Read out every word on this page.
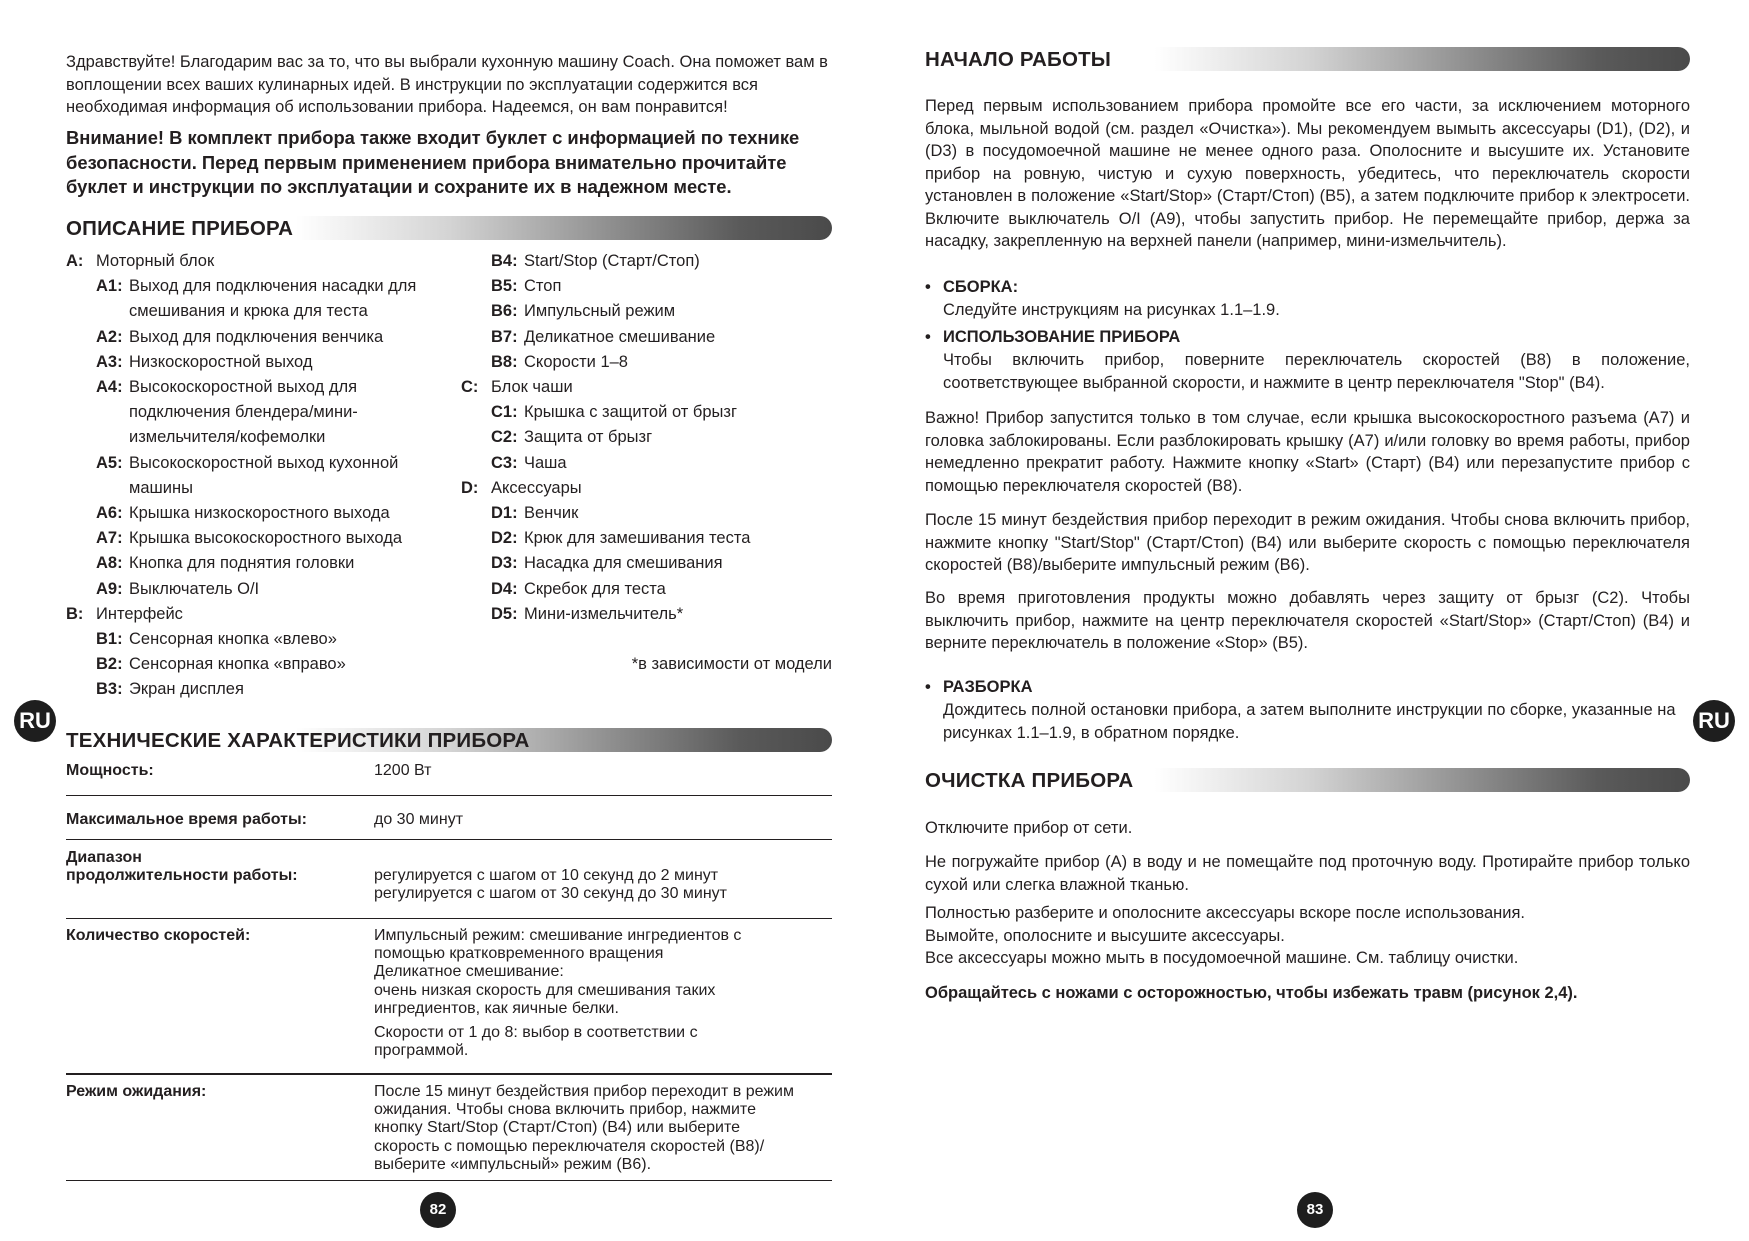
Здравствуйте! Благодарим вас за то, что вы выбрали кухонную машину Coach. Она поможет вам в воплощении всех ваших кулинарных идей. В инструкции по эксплуатации содержится вся необходимая информация об использовании прибора. Надеемся, он вам понравится!

Внимание! В комплект прибора также входит буклет с информацией по технике безопасности. Перед первым применением прибора внимательно прочитайте буклет и инструкции по эксплуатации и сохраните их в надежном месте.

ОПИСАНИЕ ПРИБОРА
A: Моторный блок
A1: Выход для подключения насадки для
смешивания и крюка для теста
A2: Выход для подключения венчика
A3: Низкоскоростной выход
A4: Высокоскоростной выход для
подключения блендера/мини-
измельчителя/кофемолки
A5: Высокоскоростной выход кухонной
машины
A6: Крышка низкоскоростного выхода
A7: Крышка высокоскоростного выхода
A8: Кнопка для поднятия головки
A9: Выключатель O/I
B: Интерфейс
B1: Сенсорная кнопка «влево»
B2: Сенсорная кнопка «вправо»
B3: Экран дисплея
B4: Start/Stop (Старт/Стоп)
B5: Стоп
B6: Импульсный режим
B7: Деликатное смешивание
B8: Скорости 1–8
C: Блок чаши
C1: Крышка с защитой от брызг
C2: Защита от брызг
C3: Чаша
D: Аксессуары
D1: Венчик
D2: Крюк для замешивания теста
D3: Насадка для смешивания
D4: Скребок для теста
D5: Мини-измельчитель*
*в зависимости от модели
RU
ТЕХНИЧЕСКИЕ ХАРАКТЕРИСТИКИ ПРИБОРА
Мощность:	1200 Вт
Максимальное время работы:	до 30 минут
Диапазон
продолжительности работы:	регулируется с шагом от 10 секунд до 2 минут

регулируется с шагом от 30 секунд до 30 минут

Количество скоростей:	Импульсный режим: смешивание ингредиентов с помощью кратковременного вращения

Деликатное смешивание:

очень низкая скорость для смешивания таких ингредиентов, как яичные белки.

Скорости от 1 до 8: выбор в соответствии с программой.

Режим ожидания:	После 15 минут бездействия прибор переходит в режим ожидания. Чтобы снова включить прибор, нажмите кнопку Start/Stop (Старт/Стоп) (B4) или выберите скорость с помощью переключателя скоростей (B8)/выберите «импульсный» режим (B6).
82
НАЧАЛО РАБОТЫ

Перед первым использованием прибора промойте все его части, за исключением моторного блока, мыльной водой (см. раздел «Очистка»). Мы рекомендуем вымыть аксессуары (D1), (D2), и (D3) в посудомоечной машине не менее одного раза. Ополосните и высушите их. Установите прибор на ровную, чистую и сухую поверхность, убедитесь, что переключатель скорости установлен в положение «Start/Stop» (Старт/Стоп) (B5), а затем подключите прибор к электросети. Включите выключатель O/I (A9), чтобы запустить прибор. Не перемещайте прибор, держа за насадку, закрепленную на верхней панели (например, мини-измельчитель).

• СБОРКА:

Следуйте инструкциям на рисунках 1.1–1.9.

• ИСПОЛЬЗОВАНИЕ ПРИБОРА

Чтобы включить прибор, поверните переключатель скоростей (B8) в положение, соответствующее выбранной скорости, и нажмите в центр переключателя "Stop" (B4).

Важно! Прибор запустится только в том случае, если крышка высокоскоростного разъема (A7) и головка заблокированы. Если разблокировать крышку (A7) и/или головку во время работы, прибор немедленно прекратит работу. Нажмите кнопку «Start» (Старт) (B4) или перезапустите прибор с помощью переключателя скоростей (B8).

После 15 минут бездействия прибор переходит в режим ожидания. Чтобы снова включить прибор, нажмите кнопку "Start/Stop" (Старт/Стоп) (B4) или выберите скорость с помощью переключателя скоростей (B8)/выберите импульсный режим (B6).

Во время приготовления продукты можно добавлять через защиту от брызг (C2). Чтобы выключить прибор, нажмите на центр переключателя скоростей «Start/Stop» (Старт/Стоп) (B4) и верните переключатель в положение «Stop» (B5).

• РАЗБОРКА

Дождитесь полной остановки прибора, а затем выполните инструкции по сборке, указанные на рисунках 1.1–1.9, в обратном порядке.	RU
ОЧИСТКА ПРИБОРА

Отключите прибор от сети.

Не погружайте прибор (A) в воду и не помещайте под проточную воду. Протирайте прибор только сухой или слегка влажной тканью.

Полностью разберите и ополосните аксессуары вскоре после использования.

Вымойте, ополосните и высушите аксессуары.

Все аксессуары можно мыть в посудомоечной машине. См. таблицу очистки.

Обращайтесь с ножами с осторожностью, чтобы избежать травм (рисунок 2,4).

83
